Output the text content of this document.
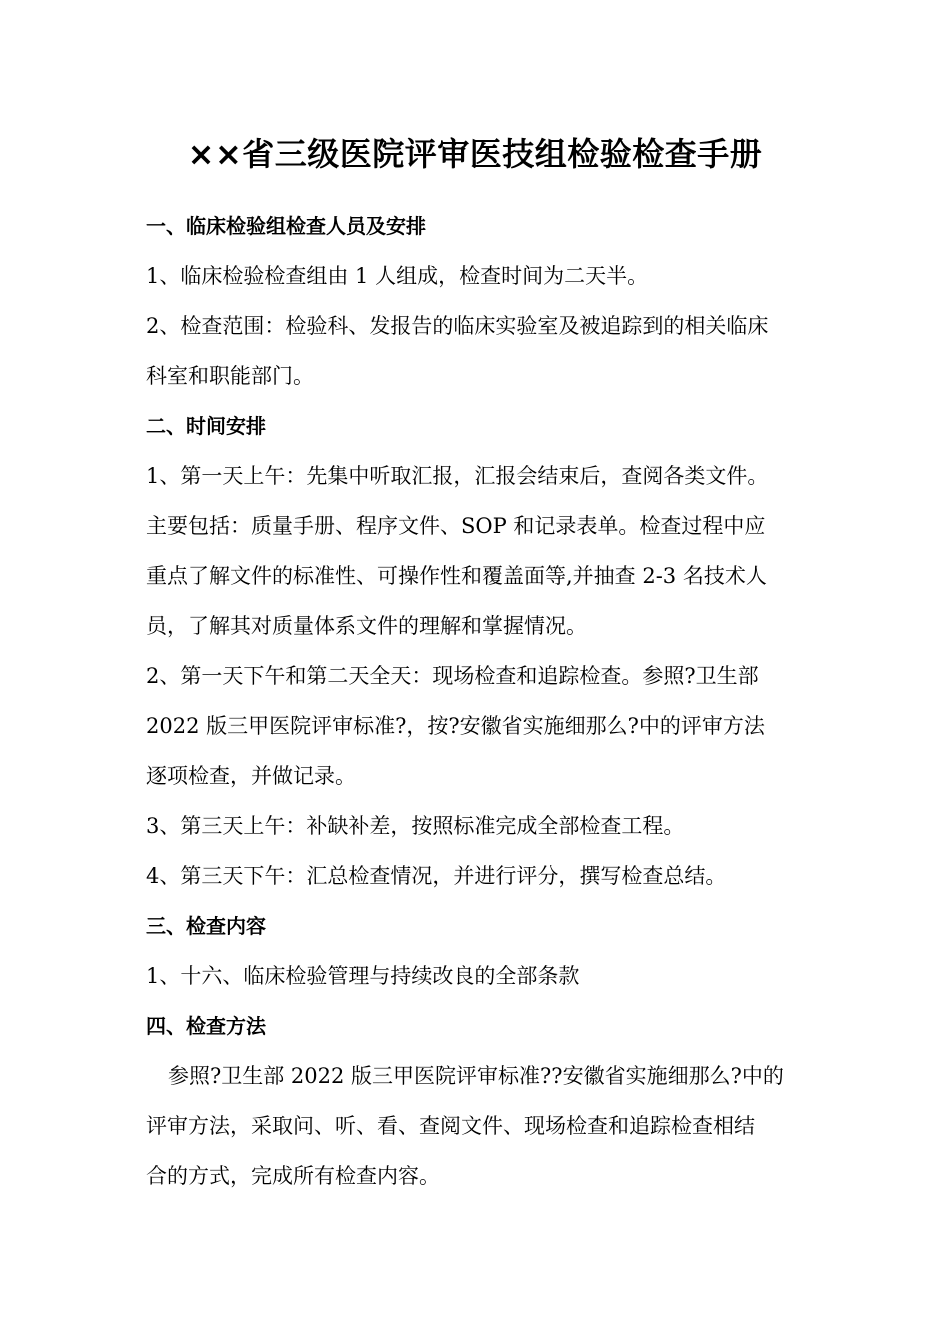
××省三级医院评审医技组检验检查手册
一、临床检验组检查人员及安排
1、临床检验检查组由 1 人组成，检查时间为二天半。
2、检查范围：检验科、发报告的临床实验室及被追踪到的相关临床
科室和职能部门。
二、时间安排
1、第一天上午：先集中听取汇报，汇报会结束后，查阅各类文件。
主要包括：质量手册、程序文件、SOP 和记录表单。检查过程中应
重点了解文件的标准性、可操作性和覆盖面等,并抽查 2-3 名技术人
员，了解其对质量体系文件的理解和掌握情况。
2、第一天下午和第二天全天：现场检查和追踪检查。参照?卫生部
2022 版三甲医院评审标准?，按?安徽省实施细那么?中的评审方法
逐项检查，并做记录。
3、第三天上午：补缺补差，按照标准完成全部检查工程。
4、第三天下午：汇总检查情况，并进行评分，撰写检查总结。
三、检查内容
1、十六、临床检验管理与持续改良的全部条款
四、检查方法
参照?卫生部 2022 版三甲医院评审标准??安徽省实施细那么?中的
评审方法，采取问、听、看、查阅文件、现场检查和追踪检查相结
合的方式，完成所有检查内容。
